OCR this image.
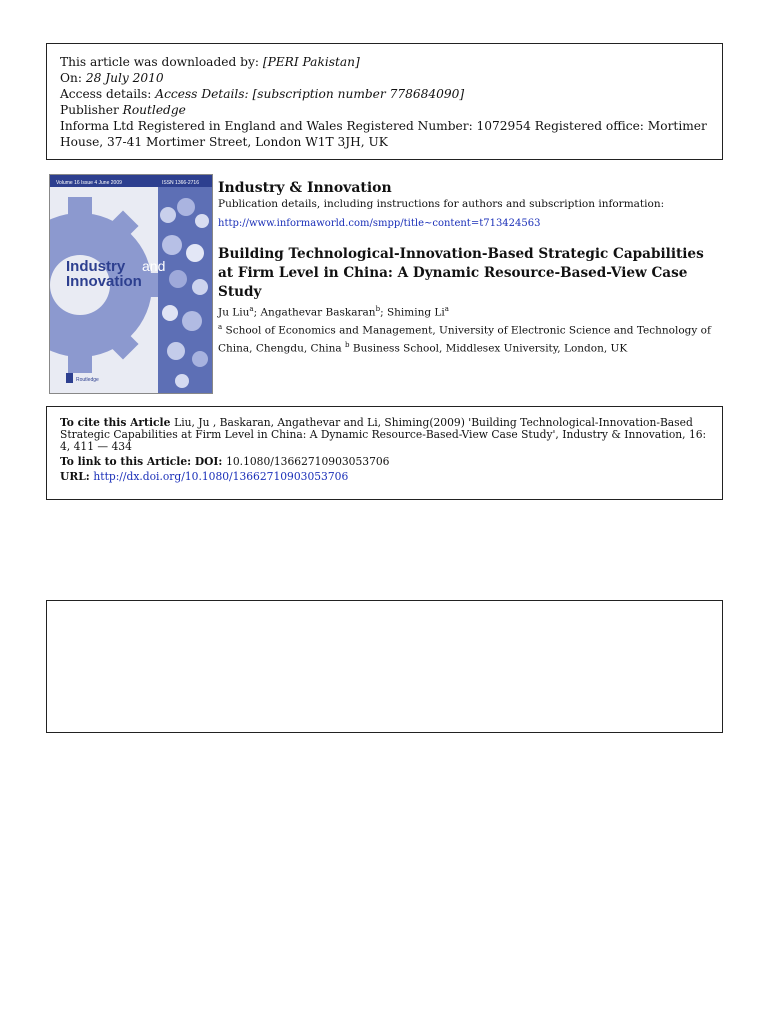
This article was downloaded by: [PERI Pakistan]
On: 28 July 2010
Access details: Access Details: [subscription number 778684090]
Publisher Routledge
Informa Ltd Registered in England and Wales Registered Number: 1072954 Registered office: Mortimer House, 37-41 Mortimer Street, London W1T 3JH, UK
Volume 16 Issue 4 June 2009	ISSN 1366-2716
Industry and
Innovation
Routledge
Industry & Innovation
Publication details, including instructions for authors and subscription information:
http://www.informaworld.com/smpp/title~content=t713424563
Building Technological-Innovation-Based Strategic Capabilities at Firm Level in China: A Dynamic Resource-Based-View Case Study
Ju Liu$^a$; Angathevar Baskaran$^b$; Shiming Li$^a$
$^a$ School of Economics and Management, University of Electronic Science and Technology of China, Chengdu, China $^b$ Business School, Middlesex University, London, UK
To cite this Article Liu, Ju , Baskaran, Angathevar and Li, Shiming(2009) 'Building Technological-Innovation-Based Strategic Capabilities at Firm Level in China: A Dynamic Resource-Based-View Case Study', Industry & Innovation, 16: 4, 411 — 434
To link to this Article: DOI: 10.1080/13662710903053706
URL: http://dx.doi.org/10.1080/13662710903053706
